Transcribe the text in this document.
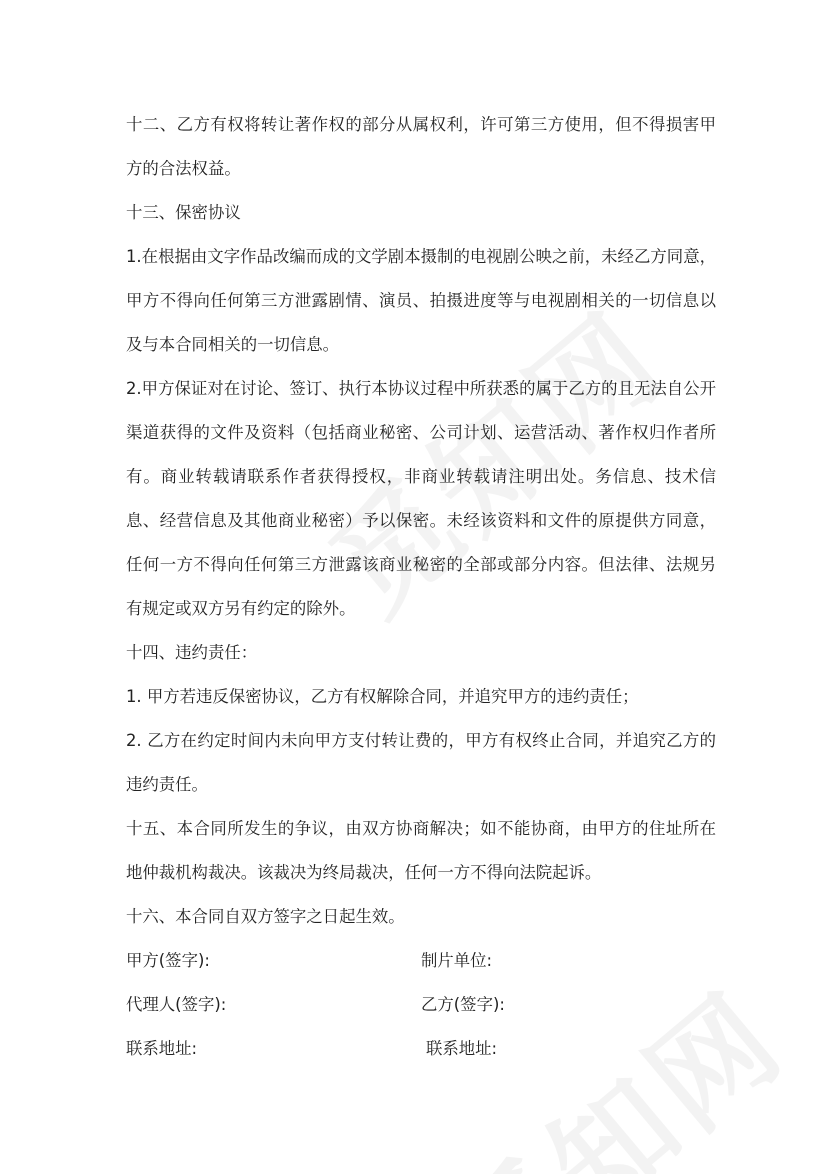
十二、乙方有权将转让著作权的部分从属权利，许可第三方使用，但不得损害甲方的合法权益。

十三、保密协议

1.在根据由文字作品改编而成的文学剧本摄制的电视剧公映之前，未经乙方同意，甲方不得向任何第三方泄露剧情、演员、拍摄进度等与电视剧相关的一切信息以及与本合同相关的一切信息。

2.甲方保证对在讨论、签订、执行本协议过程中所获悉的属于乙方的且无法自公开渠道获得的文件及资料（包括商业秘密、公司计划、运营活动、著作权归作者所有。商业转载请联系作者获得授权，非商业转载请注明出处。务信息、技术信息、经营信息及其他商业秘密）予以保密。未经该资料和文件的原提供方同意，任何一方不得向任何第三方泄露该商业秘密的全部或部分内容。但法律、法规另有规定或双方另有约定的除外。

十四、违约责任：

1. 甲方若违反保密协议，乙方有权解除合同，并追究甲方的违约责任；

2. 乙方在约定时间内未向甲方支付转让费的，甲方有权终止合同，并追究乙方的违约责任。

十五、本合同所发生的争议，由双方协商解决；如不能协商，由甲方的住址所在地仲裁机构裁决。该裁决为终局裁决，任何一方不得向法院起诉。

十六、本合同自双方签字之日起生效。

甲方(签字):	制片单位:
代理人(签字):	乙方(签字):
联系地址:	联系地址:
